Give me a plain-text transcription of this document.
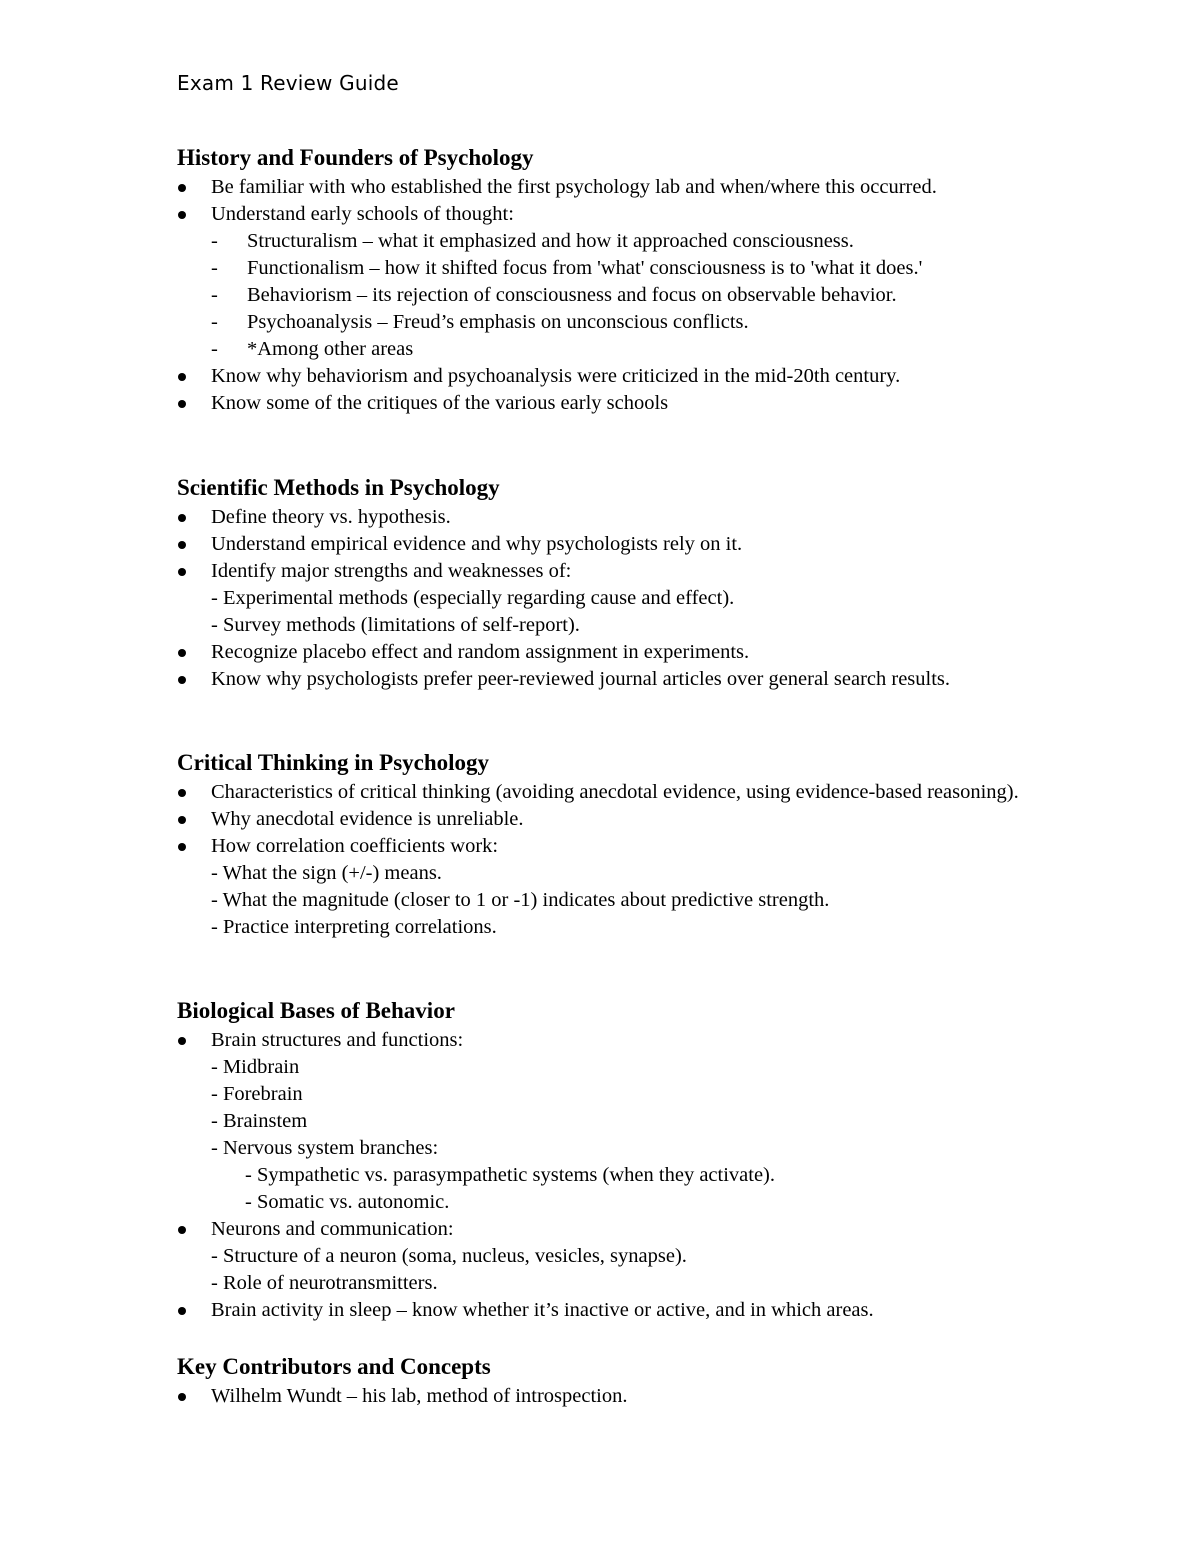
Exam 1 Review Guide
History and Founders of Psychology
Be familiar with who established the first psychology lab and when/where this occurred.
Understand early schools of thought:
- Structuralism – what it emphasized and how it approached consciousness.
- Functionalism – how it shifted focus from 'what' consciousness is to 'what it does.'
- Behaviorism – its rejection of consciousness and focus on observable behavior.
- Psychoanalysis – Freud’s emphasis on unconscious conflicts.
- *Among other areas
Know why behaviorism and psychoanalysis were criticized in the mid-20th century.
Know some of the critiques of the various early schools
Scientific Methods in Psychology
Define theory vs. hypothesis.
Understand empirical evidence and why psychologists rely on it.
Identify major strengths and weaknesses of:
- Experimental methods (especially regarding cause and effect).
- Survey methods (limitations of self-report).
Recognize placebo effect and random assignment in experiments.
Know why psychologists prefer peer-reviewed journal articles over general search results.
Critical Thinking in Psychology
Characteristics of critical thinking (avoiding anecdotal evidence, using evidence-based reasoning).
Why anecdotal evidence is unreliable.
How correlation coefficients work:
- What the sign (+/-) means.
- What the magnitude (closer to 1 or -1) indicates about predictive strength.
- Practice interpreting correlations.
Biological Bases of Behavior
Brain structures and functions:
- Midbrain
- Forebrain
- Brainstem
- Nervous system branches:
- Sympathetic vs. parasympathetic systems (when they activate).
- Somatic vs. autonomic.
Neurons and communication:
- Structure of a neuron (soma, nucleus, vesicles, synapse).
- Role of neurotransmitters.
Brain activity in sleep – know whether it’s inactive or active, and in which areas.
Key Contributors and Concepts
Wilhelm Wundt – his lab, method of introspection.
